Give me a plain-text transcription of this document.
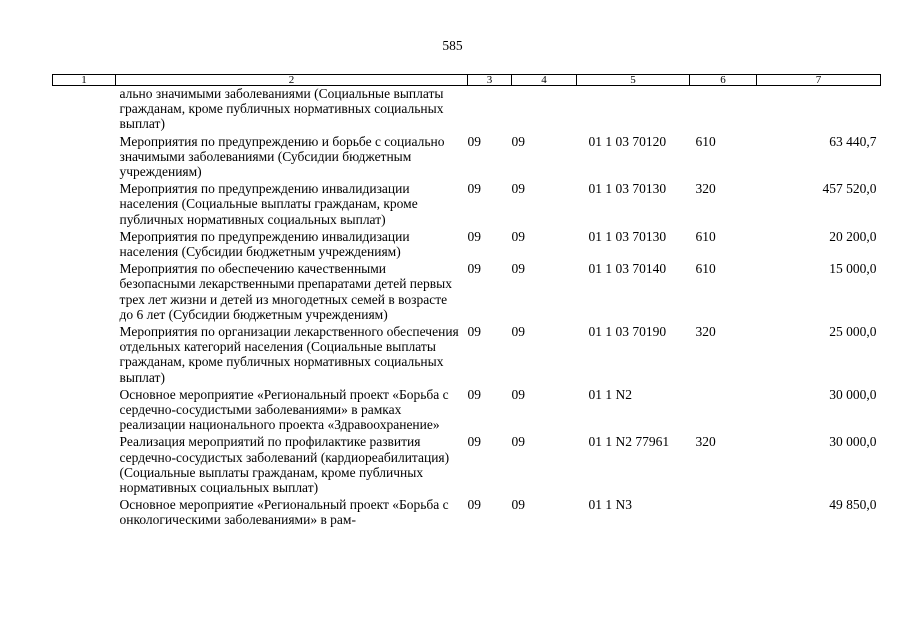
585
1	2	3	4	5	6	7
	ально значимыми заболеваниями (Социальные выплаты гражданам, кроме публичных нормативных социальных выплат)					
	Мероприятия по предупреждению и борьбе с социально значимыми заболеваниями (Субсидии бюджетным учреждениям)	09	09	01 1 03 70120	610	63 440,7
	Мероприятия по предупреждению инвалидизации населения (Социальные выплаты гражданам, кроме публичных нормативных социальных выплат)	09	09	01 1 03 70130	320	457 520,0
	Мероприятия по предупреждению инвалидизации населения (Субсидии бюджетным учреждениям)	09	09	01 1 03 70130	610	20 200,0
	Мероприятия по обеспечению качественными безопасными лекарственными препаратами детей первых трех лет жизни и детей из многодетных семей в возрасте до 6 лет (Субсидии бюджетным учреждениям)	09	09	01 1 03 70140	610	15 000,0
	Мероприятия по организации лекарственного обеспечения отдельных категорий населения (Социальные выплаты гражданам, кроме публичных нормативных социальных выплат)	09	09	01 1 03 70190	320	25 000,0
	Основное мероприятие «Региональный проект «Борьба с сердечно-сосудистыми заболеваниями» в рамках реализации национального проекта «Здравоохранение»	09	09	01 1 N2		30 000,0
	Реализация мероприятий по профилактике развития сердечно-сосудистых заболеваний (кардиореабилитация) (Социальные выплаты гражданам, кроме публичных нормативных социальных выплат)	09	09	01 1 N2 77961	320	30 000,0
	Основное мероприятие «Региональный проект «Борьба с онкологическими заболеваниями» в рам-	09	09	01 1 N3		49 850,0
